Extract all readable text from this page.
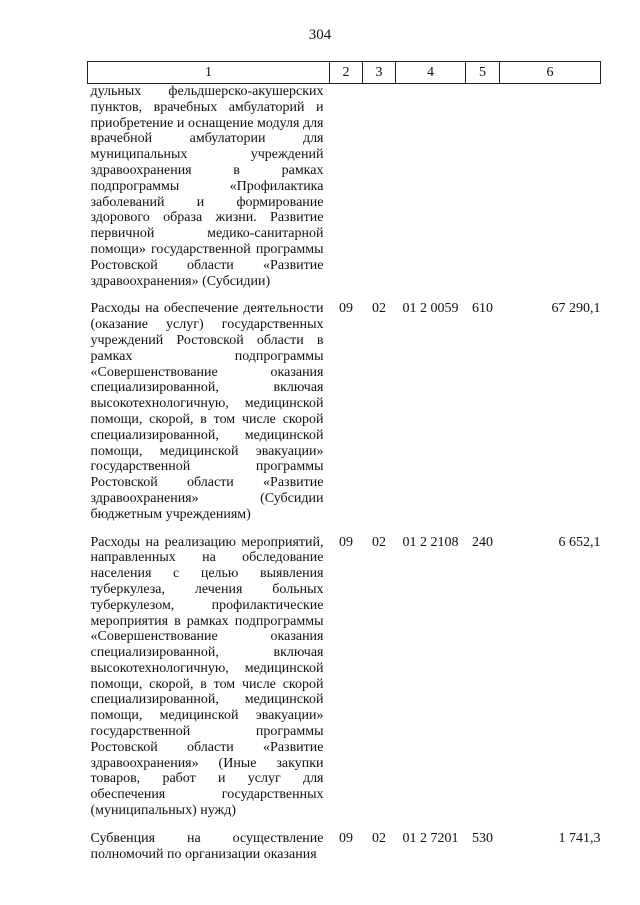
304
1	2	3	4	5	6
дульных фельдшерско-акушерских пунктов, врачебных амбулаторий и приобретение и оснащение модуля для врачебной амбулатории для муниципальных учреждений здравоохранения в рамках подпрограммы «Профилактика заболеваний и формирование здорового образа жизни. Развитие первичной медико-санитарной помощи» государственной программы Ростовской области «Развитие здравоохранения» (Субсидии)					
Расходы на обеспечение деятельности (оказание услуг) государственных учреждений Ростовской области в рамках подпрограммы «Совершенствование оказания специализированной, включая высокотехнологичную, медицинской помощи, скорой, в том числе скорой специализированной, медицинской помощи, медицинской эвакуации» государственной программы Ростовской области «Развитие здравоохранения» (Субсидии бюджетным учреждениям)	09	02	01 2 0059	610	67 290,1
Расходы на реализацию мероприятий, направленных на обследование населения с целью выявления туберкулеза, лечения больных туберкулезом, профилактические мероприятия в рамках подпрограммы «Совершенствование оказания специализированной, включая высокотехнологичную, медицинской помощи, скорой, в том числе скорой специализированной, медицинской помощи, медицинской эвакуации» государственной программы Ростовской области «Развитие здравоохранения» (Иные закупки товаров, работ и услуг для обеспечения государственных (муниципальных) нужд)	09	02	01 2 2108	240	6 652,1
Субвенция на осуществление полномочий по организации оказания	09	02	01 2 7201	530	1 741,3
